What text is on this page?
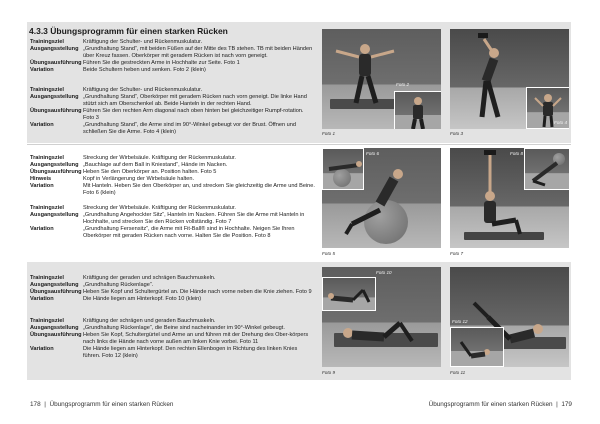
4.3.3 Übungsprogramm für einen starken Rücken
Trainingsziel	Kräftigung der Schulter- und Rückenmuskulatur.
Ausgangsstellung „Grundhaltung Stand“, mit beiden Füßen auf der Mitte des TB stehen. TB mit beiden Händen über Kreuz fassen. Oberkörper mit geradem Rücken ist nach vorn geneigt.
Übungsausführung Führen Sie die gestreckten Arme in Hochhalte zur Seite. Foto 1
Variation	Beide Schultern heben und senken. Foto 2 (klein)
Trainingsziel	Kräftigung der Schulter- und Rückenmuskulatur.
Ausgangsstellung „Grundhaltung Stand“, Oberkörper mit geradem Rücken nach vorn geneigt. Die linke Hand stützt sich am Oberschenkel ab. Beide Hanteln in der rechten Hand.
Übungsausführung Führen Sie den rechten Arm diagonal nach oben hinten bei gleichzeitiger Rumpf-rotation. Foto 3
Variation	„Grundhaltung Stand“, die Arme sind im 90°-Winkel gebeugt vor der Brust. Öffnen und schließen Sie die Arme. Foto 4 (klein)
Trainingsziel	Streckung der Wirbelsäule. Kräftigung der Rückenmuskulatur.
Ausgangsstellung „Bauchlage auf dem Ball in Kniestand“, Hände im Nacken.
Übungsausführung Heben Sie den Oberkörper an. Position halten. Foto 5
Hinweis	Kopf in Verlängerung der Wirbelsäule halten.
Variation	Mit Hanteln. Heben Sie den Oberkörper an, und strecken Sie gleichzeitig die Arme und Beine. Foto 6 (klein)
Trainingsziel	Streckung der Wirbelsäule. Kräftigung der Rückenmuskulatur.
Ausgangsstellung „Grundhaltung Angehockter Sitz“, Hanteln im Nacken. Führen Sie die Arme mit Hanteln in Hochhalte, und strecken Sie den Rücken vollständig. Foto 7
Variation	„Grundhaltung Fersensitz“, die Arme mit Fit-Ball® sind in Hochhalte. Neigen Sie Ihren Oberkörper mit geraden Rücken nach vorne. Halten Sie die Position. Foto 8
Trainingsziel	Kräftigung der geraden und schrägen Bauchmuskeln.
Ausgangsstellung „Grundhaltung Rückenlage“.
Übungsausführung Heben Sie Kopf und Schultergürtel an. Die Hände nach vorne neben die Knie ziehen. Foto 9
Variation	Die Hände liegen am Hinterkopf. Foto 10 (klein)
Trainingsziel	Kräftigung der schrägen und geraden Bauchmuskeln.
Ausgangsstellung „Grundhaltung Rückenlage“, die Beine sind nacheinander im 90°-Winkel gebeugt.
Übungsausführung Heben Sie Kopf, Schultergürtel und Arme an und führen mit der Drehung des Ober-körpers nach links die Hände nach vorne außen am linken Knie vorbei. Foto 11
Variation	Die Hände liegen am Hinterkopf. Den rechten Ellenbogen in Richtung des linken Knies führen. Foto 12 (klein)
Foto 2
Foto 1
Foto 4
Foto 3
Foto 6
Foto 5
Foto 8
Foto 7
Foto 10
Foto 9
Foto 12
Foto 11
178  |  Übungsprogramm für einen starken Rücken	Übungsprogramm für einen starken Rücken  |  179
